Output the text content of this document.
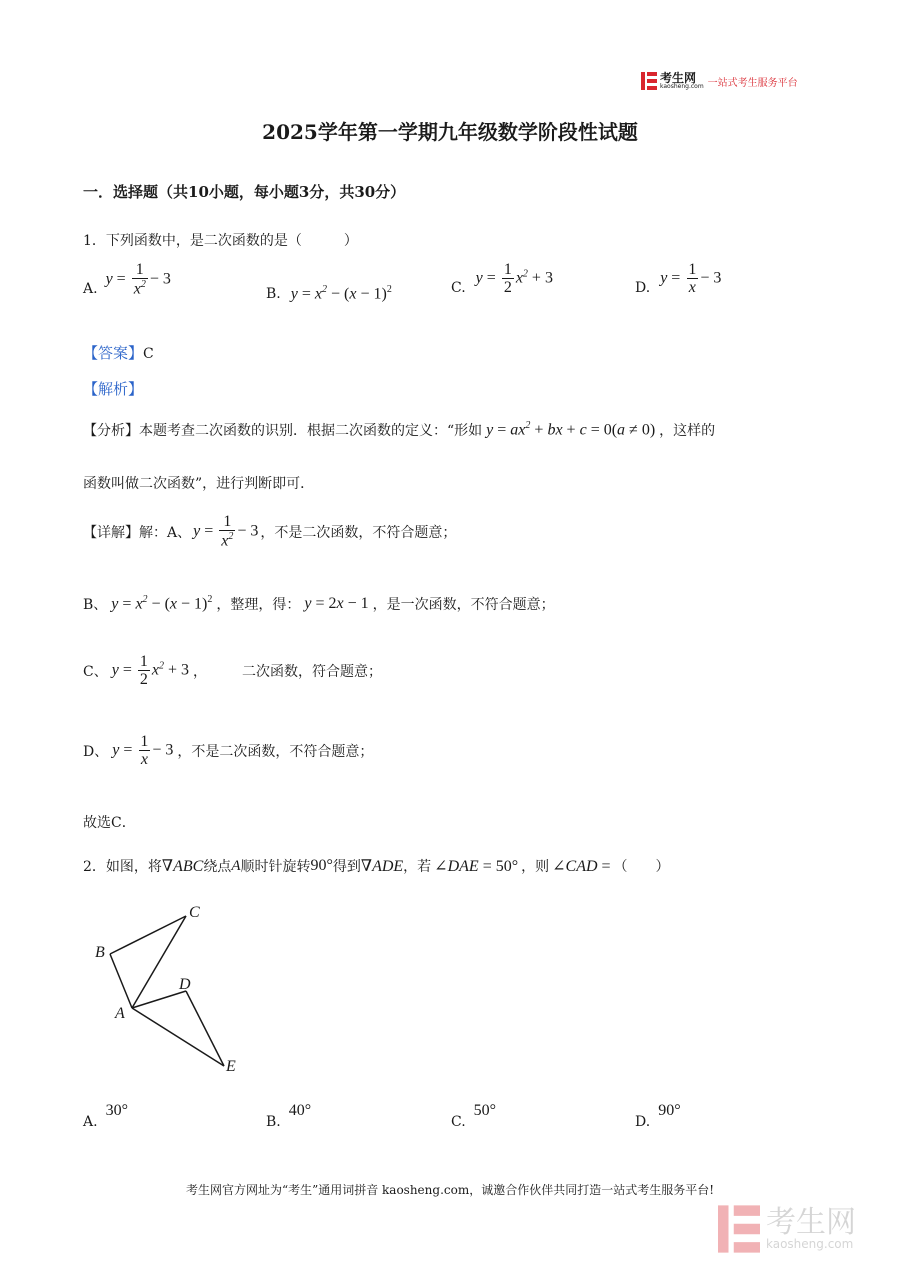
考生网
kaosheng.com 一站式考生服务平台
2025学年第一学期九年级数学阶段性试题
一．选择题（共10小题，每小题3分，共30分）
1．下列函数中，是二次函数的是（　　　）
A.
$y = \frac{1}{x^2} - 3$
B. $y = x^2 - (x - 1)^2$	C.
$y = \frac{1}{2} x^2 + 3$
D.
$y = \frac{1}{x} - 3$
【答案】C
【解析】
【分析】 本题考查二次函数的识别．根据二次函数的定义：“形如 $y = ax^2$ + bx + c = 0(a ≠ 0) ，这样的
函数叫做二次函数”，进行判断即可．
【详解】 解：A、 $y = \frac{1}{x^2} - 3$ ，不是二次函数，不符合题意；
B、 $y = x^2 - (x - 1)^2$ ，整理，得： y = 2x − 1 ，是一次函数，不符合题意；
C、 $y = \frac{1}{2} x^2 + 3$ ，　　　二次函数，符合题意；
D、 $y = \frac{1}{x} - 3$ ，不是二次函数，不符合题意；
故选C．
2．如图，将 ∇ABC 绕点 A 顺时针旋转 90° 得到 ∇ADE ，若 ∠DAE = 50° ，则 ∠CAD = （　　）
C
B
D
A
E
A.
30°
B.
40°
C.
50°
D.
90°
考生网官方网址为“考生”通用词拼音 kaosheng.com，诚邀合作伙伴共同打造一站式考生服务平台!
考生网
kaosheng.com
